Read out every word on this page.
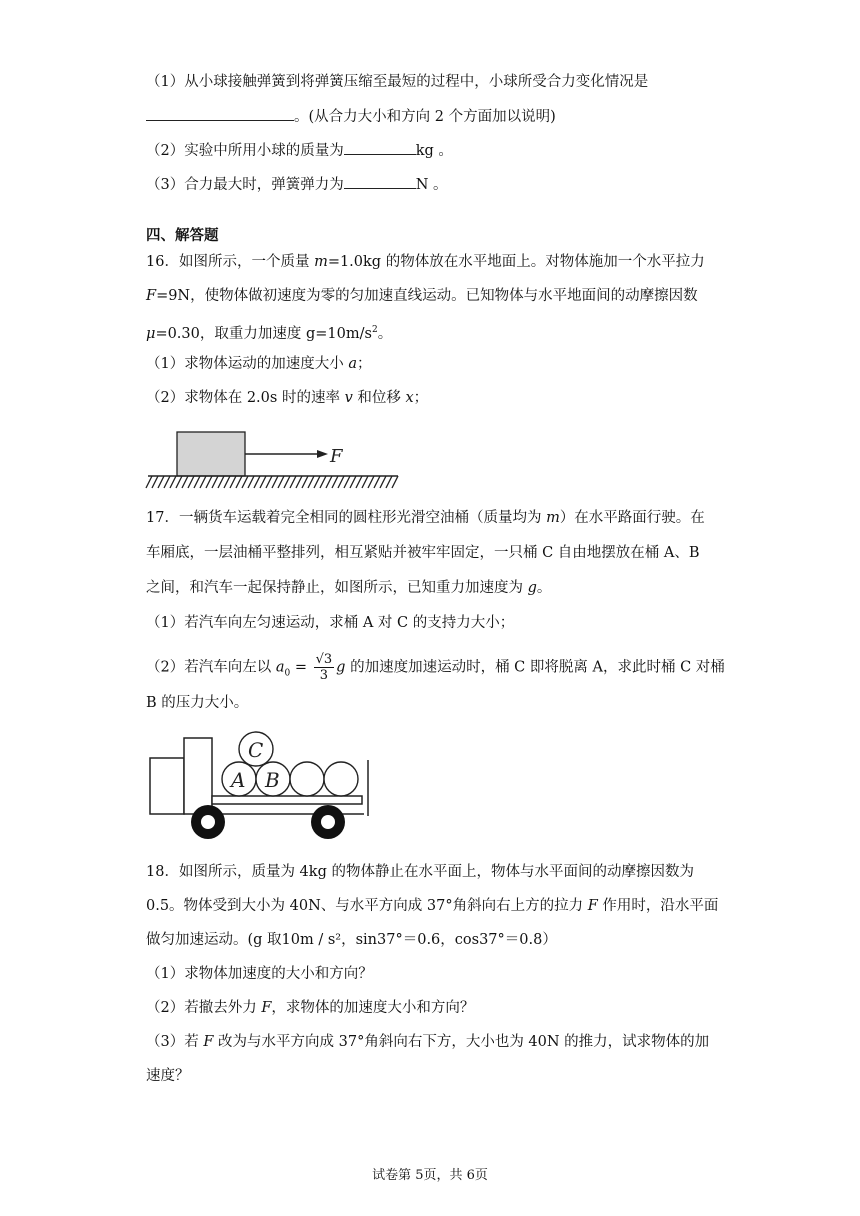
（1）从小球接触弹簧到将弹簧压缩至最短的过程中，小球所受合力变化情况是
。(从合力大小和方向 2 个方面加以说明)
（2）实验中所用小球的质量为	kg 。
（3）合力最大时，弹簧弹力为	N 。
四、解答题
16．如图所示，一个质量 m=1.0kg 的物体放在水平地面上。对物体施加一个水平拉力
F=9N，使物体做初速度为零的匀加速直线运动。已知物体与水平地面间的动摩擦因数
μ=0.30，取重力加速度 $g=10m/s^2$。
（1）求物体运动的加速度大小 a；
（2）求物体在 2.0s 时的速率 v 和位移 x；
F
17．一辆货车运载着完全相同的圆柱形光滑空油桶（质量均为 m）在水平路面行驶。在
车厢底，一层油桶平整排列，相互紧贴并被牢牢固定，一只桶 C 自由地摆放在桶 A、B
之间，和汽车一起保持静止，如图所示，已知重力加速度为 g。
（1）若汽车向左匀速运动，求桶 A 对 C 的支持力大小；
（2）若汽车向左以 $a_0 = \frac{√3}{3}$ g 的加速度加速运动时，桶 C 即将脱离 A，求此时桶 C 对桶
B 的压力大小。
C
A B
18．如图所示，质量为 4kg 的物体静止在水平面上，物体与水平面间的动摩擦因数为
0.5。物体受到大小为 40N、与水平方向成 37°角斜向右上方的拉力 F 作用时，沿水平面
做匀加速运动。(g 取10m / s²，sin37°＝0.6，cos37°＝0.8）
（1）求物体加速度的大小和方向？
（2）若撤去外力 F，求物体的加速度大小和方向？
（3）若 F 改为与水平方向成 37°角斜向右下方，大小也为 40N 的推力，试求物体的加
速度？
试卷第 5页，共 6页
